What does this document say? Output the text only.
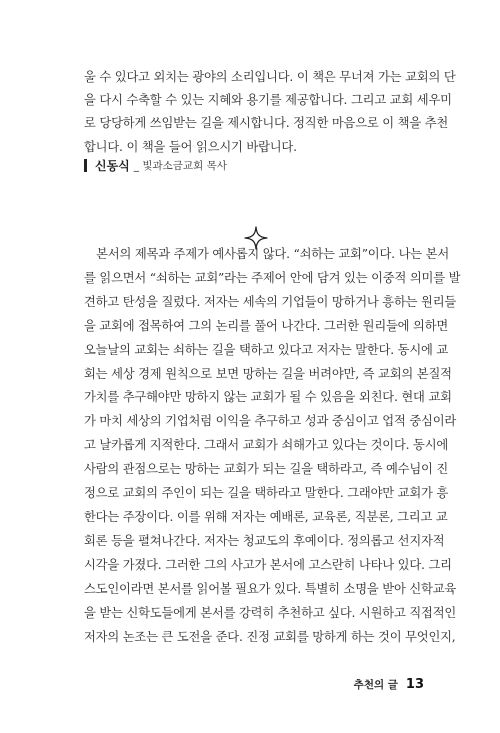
울 수 있다고 외치는 광야의 소리입니다. 이 책은 무너져 가는 교회의 단
을 다시 수축할 수 있는 지혜와 용기를 제공합니다. 그리고 교회 세우미
로 당당하게 쓰임받는 길을 제시합니다. 정직한 마음으로 이 책을 추천
합니다. 이 책을 들어 읽으시기 바랍니다.
신동식 _ 빛과소금교회 목사
　본서의 제목과 주제가 예사롭지 않다. “쇠하는 교회”이다. 나는 본서
를 읽으면서 “쇠하는 교회”라는 주제어 안에 담겨 있는 이중적 의미를 발
견하고 탄성을 질렀다. 저자는 세속의 기업들이 망하거나 흥하는 원리들
을 교회에 접목하여 그의 논리를 풀어 나간다. 그러한 원리들에 의하면
오늘날의 교회는 쇠하는 길을 택하고 있다고 저자는 말한다. 동시에 교
회는 세상 경제 원칙으로 보면 망하는 길을 버려야만, 즉 교회의 본질적
가치를 추구해야만 망하지 않는 교회가 될 수 있음을 외친다. 현대 교회
가 마치 세상의 기업처럼 이익을 추구하고 성과 중심이고 업적 중심이라
고 날카롭게 지적한다. 그래서 교회가 쇠해가고 있다는 것이다. 동시에
사람의 관점으로는 망하는 교회가 되는 길을 택하라고, 즉 예수님이 진
정으로 교회의 주인이 되는 길을 택하라고 말한다. 그래야만 교회가 흥
한다는 주장이다. 이를 위해 저자는 예배론, 교육론, 직분론, 그리고 교
회론 등을 펼쳐나간다. 저자는 청교도의 후예이다. 정의롭고 선지자적
시각을 가졌다. 그러한 그의 사고가 본서에 고스란히 나타나 있다. 그리
스도인이라면 본서를 읽어볼 필요가 있다. 특별히 소명을 받아 신학교육
을 받는 신학도들에게 본서를 강력히 추천하고 싶다. 시원하고 직접적인
저자의 논조는 큰 도전을 준다. 진정 교회를 망하게 하는 것이 무엇인지,
추천의 글 13
